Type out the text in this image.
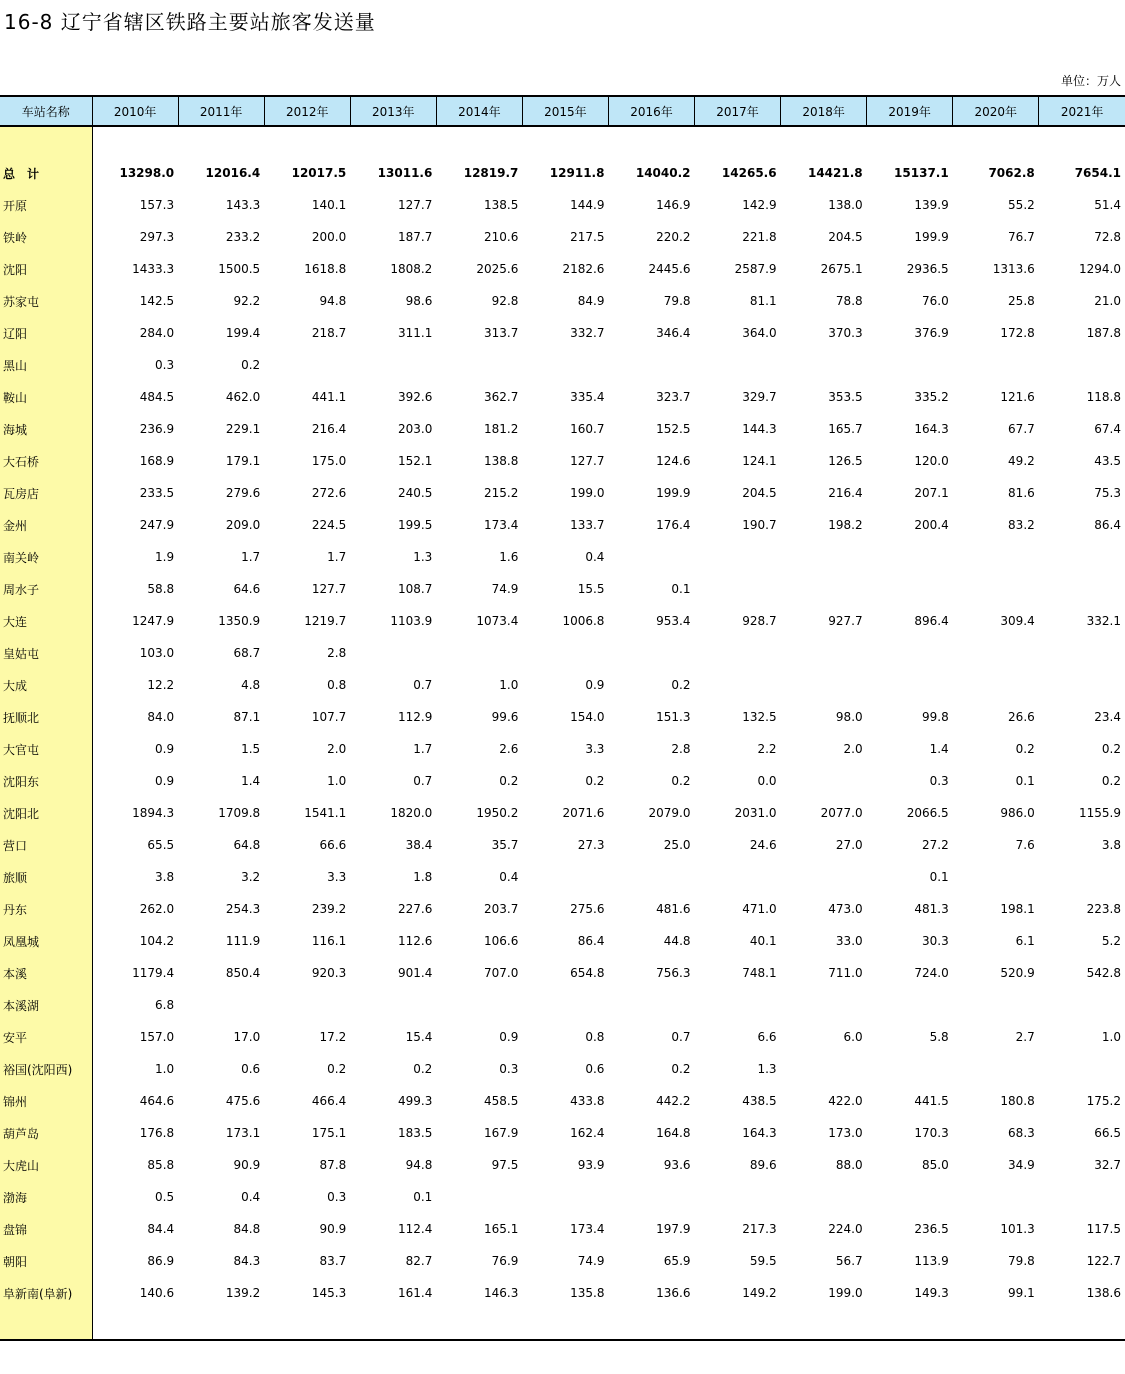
16-8 辽宁省辖区铁路主要站旅客发送量
单位：万人
车站名称	2010年	2011年	2012年	2013年	2014年	2015年	2016年	2017年	2018年	2019年	2020年	2021年

总　计	13298.0	12016.4	12017.5	13011.6	12819.7	12911.8	14040.2	14265.6	14421.8	15137.1	7062.8	7654.1
开原	157.3	143.3	140.1	127.7	138.5	144.9	146.9	142.9	138.0	139.9	55.2	51.4
铁岭	297.3	233.2	200.0	187.7	210.6	217.5	220.2	221.8	204.5	199.9	76.7	72.8
沈阳	1433.3	1500.5	1618.8	1808.2	2025.6	2182.6	2445.6	2587.9	2675.1	2936.5	1313.6	1294.0
苏家屯	142.5	92.2	94.8	98.6	92.8	84.9	79.8	81.1	78.8	76.0	25.8	21.0
辽阳	284.0	199.4	218.7	311.1	313.7	332.7	346.4	364.0	370.3	376.9	172.8	187.8
黑山	0.3	0.2										
鞍山	484.5	462.0	441.1	392.6	362.7	335.4	323.7	329.7	353.5	335.2	121.6	118.8
海城	236.9	229.1	216.4	203.0	181.2	160.7	152.5	144.3	165.7	164.3	67.7	67.4
大石桥	168.9	179.1	175.0	152.1	138.8	127.7	124.6	124.1	126.5	120.0	49.2	43.5
瓦房店	233.5	279.6	272.6	240.5	215.2	199.0	199.9	204.5	216.4	207.1	81.6	75.3
金州	247.9	209.0	224.5	199.5	173.4	133.7	176.4	190.7	198.2	200.4	83.2	86.4
南关岭	1.9	1.7	1.7	1.3	1.6	0.4						
周水子	58.8	64.6	127.7	108.7	74.9	15.5	0.1					
大连	1247.9	1350.9	1219.7	1103.9	1073.4	1006.8	953.4	928.7	927.7	896.4	309.4	332.1
皇姑屯	103.0	68.7	2.8									
大成	12.2	4.8	0.8	0.7	1.0	0.9	0.2					
抚顺北	84.0	87.1	107.7	112.9	99.6	154.0	151.3	132.5	98.0	99.8	26.6	23.4
大官屯	0.9	1.5	2.0	1.7	2.6	3.3	2.8	2.2	2.0	1.4	0.2	0.2
沈阳东	0.9	1.4	1.0	0.7	0.2	0.2	0.2	0.0		0.3	0.1	0.2
沈阳北	1894.3	1709.8	1541.1	1820.0	1950.2	2071.6	2079.0	2031.0	2077.0	2066.5	986.0	1155.9
营口	65.5	64.8	66.6	38.4	35.7	27.3	25.0	24.6	27.0	27.2	7.6	3.8
旅顺	3.8	3.2	3.3	1.8	0.4					0.1		
丹东	262.0	254.3	239.2	227.6	203.7	275.6	481.6	471.0	473.0	481.3	198.1	223.8
凤凰城	104.2	111.9	116.1	112.6	106.6	86.4	44.8	40.1	33.0	30.3	6.1	5.2
本溪	1179.4	850.4	920.3	901.4	707.0	654.8	756.3	748.1	711.0	724.0	520.9	542.8
本溪湖	6.8											
安平	157.0	17.0	17.2	15.4	0.9	0.8	0.7	6.6	6.0	5.8	2.7	1.0
裕国(沈阳西)	1.0	0.6	0.2	0.2	0.3	0.6	0.2	1.3				
锦州	464.6	475.6	466.4	499.3	458.5	433.8	442.2	438.5	422.0	441.5	180.8	175.2
葫芦岛	176.8	173.1	175.1	183.5	167.9	162.4	164.8	164.3	173.0	170.3	68.3	66.5
大虎山	85.8	90.9	87.8	94.8	97.5	93.9	93.6	89.6	88.0	85.0	34.9	32.7
渤海	0.5	0.4	0.3	0.1								
盘锦	84.4	84.8	90.9	112.4	165.1	173.4	197.9	217.3	224.0	236.5	101.3	117.5
朝阳	86.9	84.3	83.7	82.7	76.9	74.9	65.9	59.5	56.7	113.9	79.8	122.7
阜新南(阜新)	140.6	139.2	145.3	161.4	146.3	135.8	136.6	149.2	199.0	149.3	99.1	138.6
